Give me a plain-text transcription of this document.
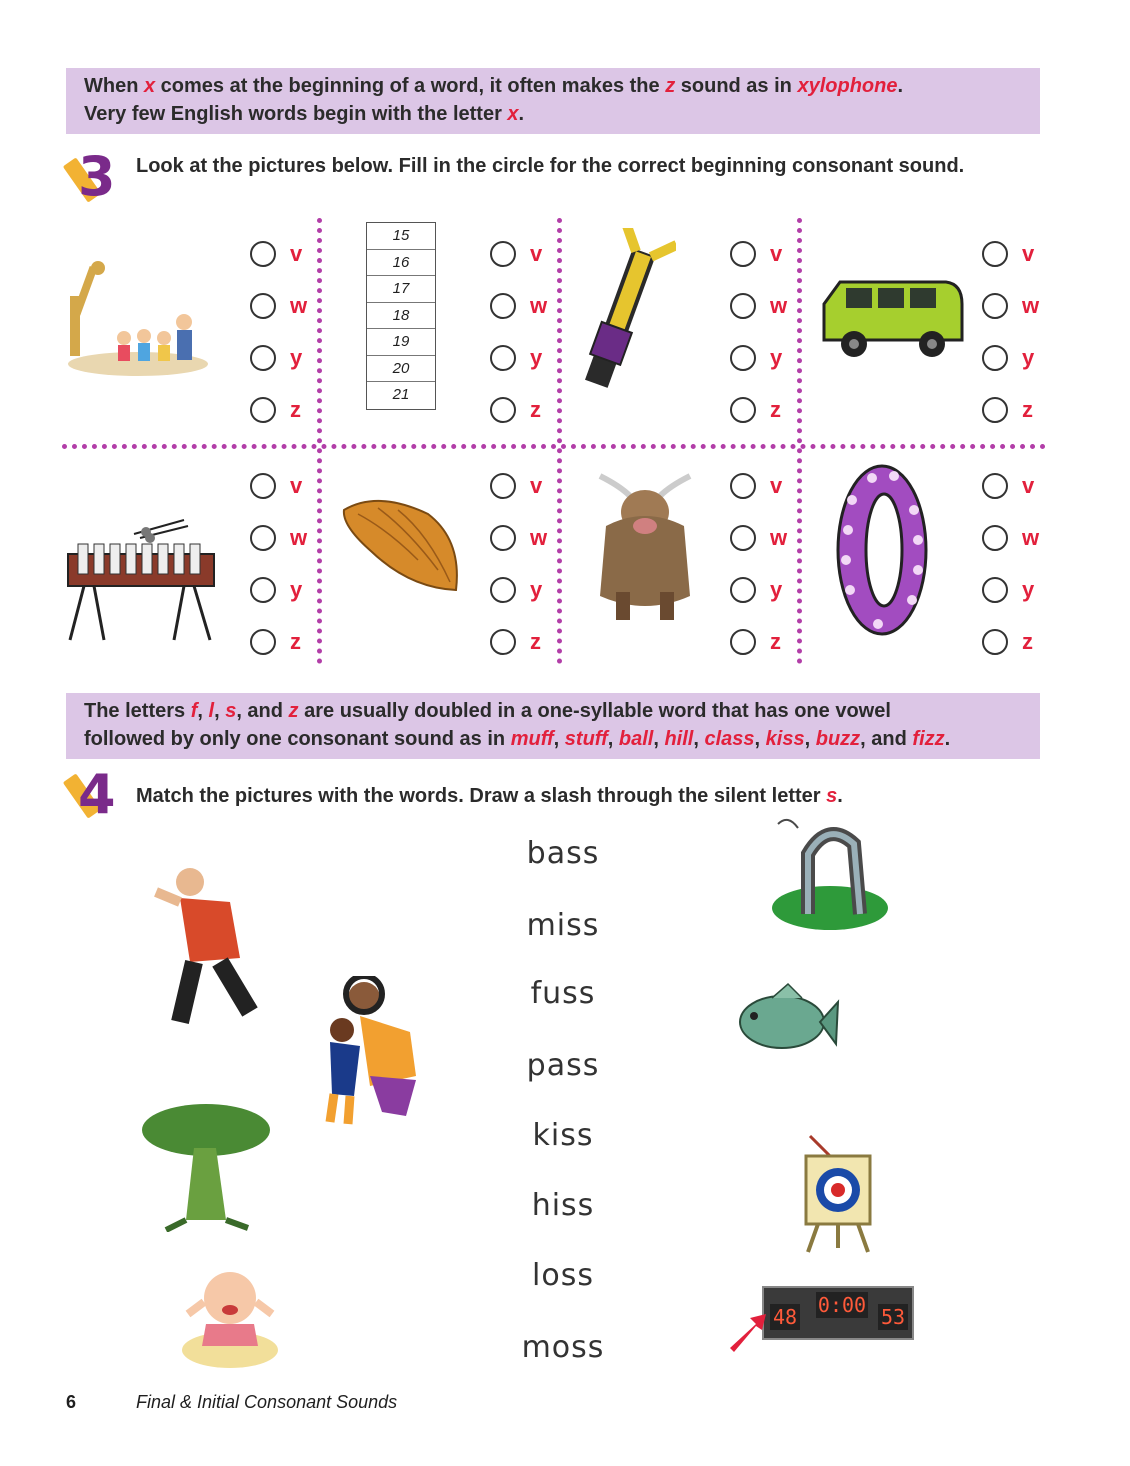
When x comes at the beginning of a word, it often makes the z sound as in xylophone.
Very few English words begin with the letter x.
3 Look at the pictures below. Fill in the circle for the correct beginning consonant sound.
v
w
y
z
15
16
17
18
19
20
21
v
w
y
z
v
w
y
z
v
w
y
z
v
w
y
z
v
w
y
z
v
w
y
z
v
w
y
z
The letters f, l, s, and z are usually doubled in a one-syllable word that has one vowel
followed by only one consonant sound as in muff, stuff, ball, hill, class, kiss, buzz, and fizz.
4 Match the pictures with the words. Draw a slash through the silent letter s.
bass
miss
fuss
pass
kiss
hiss
loss
moss
48 0:00 53
6	Final & Initial Consonant Sounds
